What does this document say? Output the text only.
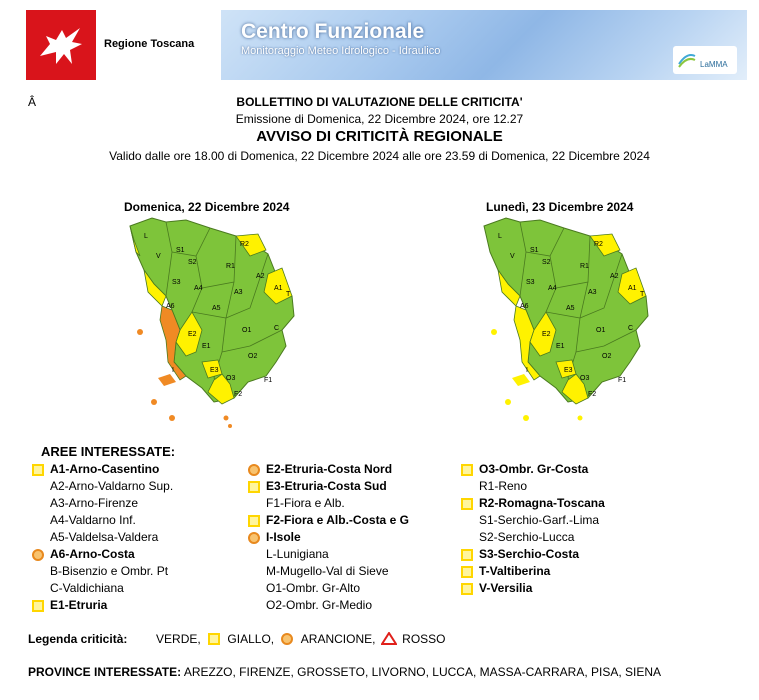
Regione Toscana
Centro Funzionale
Monitoraggio Meteo Idrologico - Idraulico
LaMMA
Â	BOLLETTINO DI VALUTAZIONE DELLE CRITICITA'
Emissione di Domenica, 22 Dicembre 2024, ore 12.27
AVVISO DI CRITICITÀ REGIONALE
Valido dalle ore 18.00 di Domenica, 22 Dicembre 2024 alle ore 23.59 di Domenica, 22 Dicembre 2024
Domenica, 22 Dicembre 2024	Lunedì, 23 Dicembre 2024
L
S1
R2
V
S2
S3
A4
A3
A1
A2
T
A6	A5
O1	C
E2
E1
O2
I	E3
O3	F1
F2
R1
L
S1
R2
V
S2
S3
A4
A3
A1
A2
T
A6	A5
O1	C
E2
E1
O2
I	E3
O3	F1
F2
R1
AREE INTERESSATE:
A1-Arno-Casentino
A2-Arno-Valdarno Sup.
A3-Arno-Firenze
A4-Valdarno Inf.
A5-Valdelsa-Valdera
A6-Arno-Costa
B-Bisenzio e Ombr. Pt
C-Valdichiana
E1-Etruria
E2-Etruria-Costa Nord
E3-Etruria-Costa Sud
F1-Fiora e Alb.
F2-Fiora e Alb.-Costa e G
I-Isole
L-Lunigiana
M-Mugello-Val di Sieve
O1-Ombr. Gr-Alto
O2-Ombr. Gr-Medio
O3-Ombr. Gr-Costa
R1-Reno
R2-Romagna-Toscana
S1-Serchio-Garf.-Lima
S2-Serchio-Lucca
S3-Serchio-Costa
T-Valtiberina
V-Versilia
Legenda criticità: VERDE, GIALLO, ARANCIONE, ROSSO
PROVINCE INTERESSATE: AREZZO, FIRENZE, GROSSETO, LIVORNO, LUCCA, MASSA-CARRARA, PISA, SIENA
